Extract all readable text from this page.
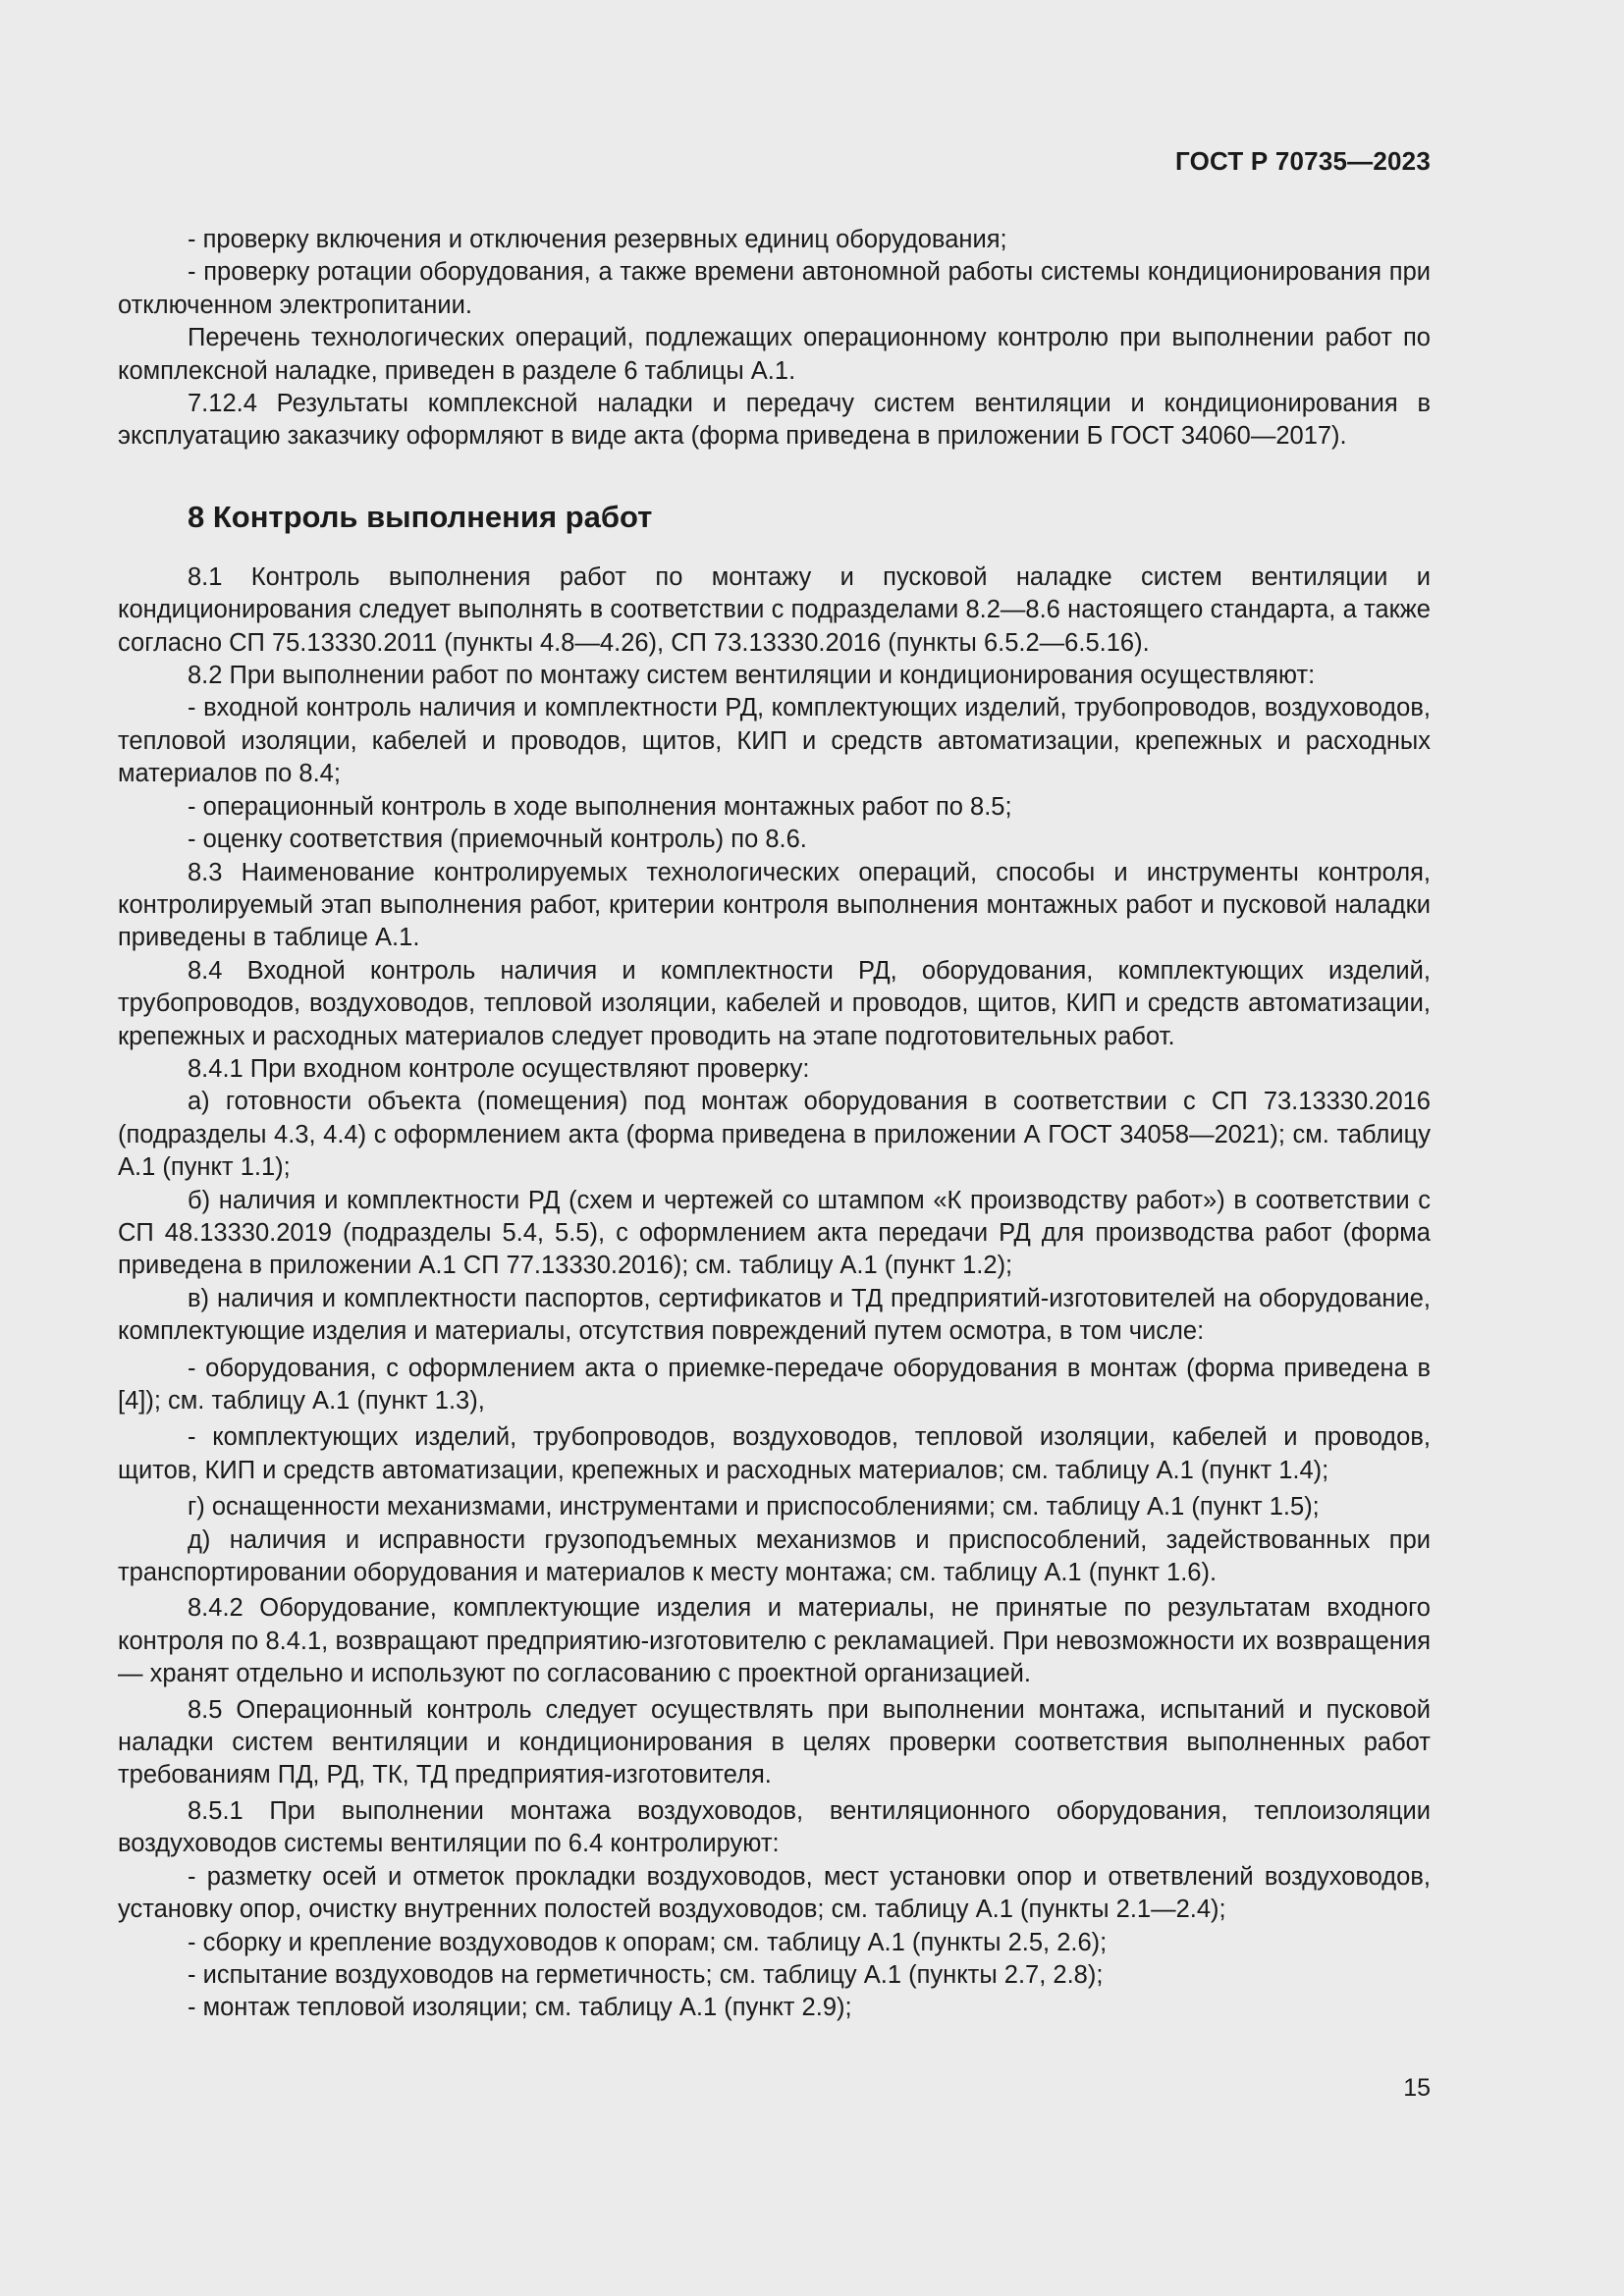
ГОСТ Р 70735—2023

- проверку включения и отключения резервных единиц оборудования;

- проверку ротации оборудования, а также времени автономной работы системы кондиционирования при отключенном электропитании.

Перечень технологических операций, подлежащих операционному контролю при выполнении работ по комплексной наладке, приведен в разделе 6 таблицы А.1.

7.12.4 Результаты комплексной наладки и передачу систем вентиляции и кондиционирования в эксплуатацию заказчику оформляют в виде акта (форма приведена в приложении Б ГОСТ 34060—2017).

8 Контроль выполнения работ

8.1 Контроль выполнения работ по монтажу и пусковой наладке систем вентиляции и кондиционирования следует выполнять в соответствии с подразделами 8.2—8.6 настоящего стандарта, а также согласно СП 75.13330.2011 (пункты 4.8—4.26), СП 73.13330.2016 (пункты 6.5.2—6.5.16).

8.2 При выполнении работ по монтажу систем вентиляции и кондиционирования осуществляют:

- входной контроль наличия и комплектности РД, комплектующих изделий, трубопроводов, воздуховодов, тепловой изоляции, кабелей и проводов, щитов, КИП и средств автоматизации, крепежных и расходных материалов по 8.4;

- операционный контроль в ходе выполнения монтажных работ по 8.5;

- оценку соответствия (приемочный контроль) по 8.6.

8.3 Наименование контролируемых технологических операций, способы и инструменты контроля, контролируемый этап выполнения работ, критерии контроля выполнения монтажных работ и пусковой наладки приведены в таблице А.1.

8.4 Входной контроль наличия и комплектности РД, оборудования, комплектующих изделий, трубопроводов, воздуховодов, тепловой изоляции, кабелей и проводов, щитов, КИП и средств автоматизации, крепежных и расходных материалов следует проводить на этапе подготовительных работ.

8.4.1 При входном контроле осуществляют проверку:

а) готовности объекта (помещения) под монтаж оборудования в соответствии с СП 73.13330.2016 (подразделы 4.3, 4.4) с оформлением акта (форма приведена в приложении А ГОСТ 34058—2021); см. таблицу А.1 (пункт 1.1);

б) наличия и комплектности РД (схем и чертежей со штампом «К производству работ») в соответствии с СП 48.13330.2019 (подразделы 5.4, 5.5), с оформлением акта передачи РД для производства работ (форма приведена в приложении А.1 СП 77.13330.2016); см. таблицу А.1 (пункт 1.2);

в) наличия и комплектности паспортов, сертификатов и ТД предприятий-изготовителей на оборудование, комплектующие изделия и материалы, отсутствия повреждений путем осмотра, в том числе:

- оборудования, с оформлением акта о приемке-передаче оборудования в монтаж (форма приведена в [4]); см. таблицу А.1 (пункт 1.3),

- комплектующих изделий, трубопроводов, воздуховодов, тепловой изоляции, кабелей и проводов, щитов, КИП и средств автоматизации, крепежных и расходных материалов; см. таблицу А.1 (пункт 1.4);

г) оснащенности механизмами, инструментами и приспособлениями; см. таблицу А.1 (пункт 1.5);

д) наличия и исправности грузоподъемных механизмов и приспособлений, задействованных при транспортировании оборудования и материалов к месту монтажа; см. таблицу А.1 (пункт 1.6).

8.4.2 Оборудование, комплектующие изделия и материалы, не принятые по результатам входного контроля по 8.4.1, возвращают предприятию-изготовителю с рекламацией. При невозможности их возвращения — хранят отдельно и используют по согласованию с проектной организацией.

8.5 Операционный контроль следует осуществлять при выполнении монтажа, испытаний и пусковой наладки систем вентиляции и кондиционирования в целях проверки соответствия выполненных работ требованиям ПД, РД, ТК, ТД предприятия-изготовителя.

8.5.1 При выполнении монтажа воздуховодов, вентиляционного оборудования, теплоизоляции воздуховодов системы вентиляции по 6.4 контролируют:

- разметку осей и отметок прокладки воздуховодов, мест установки опор и ответвлений воздуховодов, установку опор, очистку внутренних полостей воздуховодов; см. таблицу А.1 (пункты 2.1—2.4);

- сборку и крепление воздуховодов к опорам; см. таблицу А.1 (пункты 2.5, 2.6);

- испытание воздуховодов на герметичность; см. таблицу А.1 (пункты 2.7, 2.8);

- монтаж тепловой изоляции; см. таблицу А.1 (пункт 2.9);

15
